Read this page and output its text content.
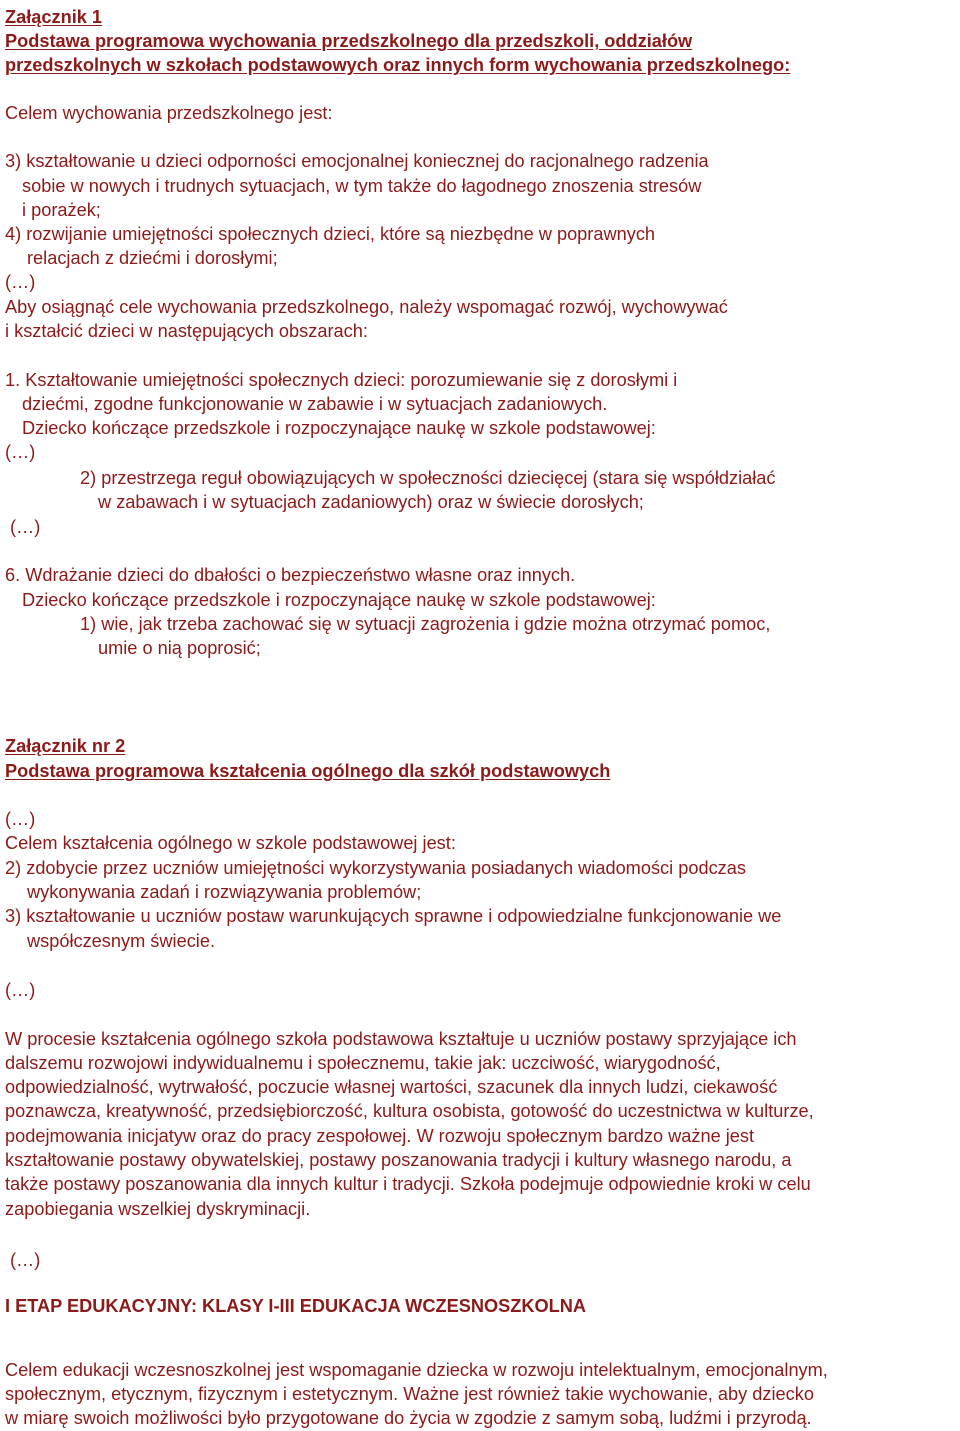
Załącznik 1
Podstawa programowa wychowania przedszkolnego dla przedszkoli, oddziałów
przedszkolnych w szkołach podstawowych oraz innych form wychowania przedszkolnego:
Celem wychowania przedszkolnego jest:
3) kształtowanie u dzieci odporności emocjonalnej koniecznej do racjonalnego radzenia
sobie w nowych i trudnych sytuacjach, w tym także do łagodnego znoszenia stresów
i porażek;
4) rozwijanie umiejętności społecznych dzieci, które są niezbędne w poprawnych
relacjach z dziećmi i dorosłymi;
(…)
Aby osiągnąć cele wychowania przedszkolnego, należy wspomagać rozwój, wychowywać
i kształcić dzieci w następujących obszarach:
1. Kształtowanie umiejętności społecznych dzieci: porozumiewanie się z dorosłymi i
dziećmi, zgodne funkcjonowanie w zabawie i w sytuacjach zadaniowych.
Dziecko kończące przedszkole i rozpoczynające naukę w szkole podstawowej:
(…)
2) przestrzega reguł obowiązujących w społeczności dziecięcej (stara się współdziałać
w zabawach i w sytuacjach zadaniowych) oraz w świecie dorosłych;
(…)
6. Wdrażanie dzieci do dbałości o bezpieczeństwo własne oraz innych.
Dziecko kończące przedszkole i rozpoczynające naukę w szkole podstawowej:
1) wie, jak trzeba zachować się w sytuacji zagrożenia i gdzie można otrzymać pomoc,
umie o nią poprosić;
Załącznik nr 2
Podstawa programowa kształcenia ogólnego dla szkół podstawowych
(…)
Celem kształcenia ogólnego w szkole podstawowej jest:
2) zdobycie przez uczniów umiejętności wykorzystywania posiadanych wiadomości podczas
wykonywania zadań i rozwiązywania problemów;
3) kształtowanie u uczniów postaw warunkujących sprawne i odpowiedzialne funkcjonowanie we
współczesnym świecie.
(…)
W procesie kształcenia ogólnego szkoła podstawowa kształtuje u uczniów postawy sprzyjające ich
dalszemu rozwojowi indywidualnemu i społecznemu, takie jak: uczciwość, wiarygodność,
odpowiedzialność, wytrwałość, poczucie własnej wartości, szacunek dla innych ludzi, ciekawość
poznawcza, kreatywność, przedsiębiorczość, kultura osobista, gotowość do uczestnictwa w kulturze,
podejmowania inicjatyw oraz do pracy zespołowej. W rozwoju społecznym bardzo ważne jest
kształtowanie postawy obywatelskiej, postawy poszanowania tradycji i kultury własnego narodu, a
także postawy poszanowania dla innych kultur i tradycji. Szkoła podejmuje odpowiednie kroki w celu
zapobiegania wszelkiej dyskryminacji.
(…)
I ETAP EDUKACYJNY: KLASY I-III EDUKACJA WCZESNOSZKOLNA
Celem edukacji wczesnoszkolnej jest wspomaganie dziecka w rozwoju intelektualnym, emocjonalnym,
społecznym, etycznym, fizycznym i estetycznym. Ważne jest również takie wychowanie, aby dziecko
w miarę swoich możliwości było przygotowane do życia w zgodzie z samym sobą, ludźmi i przyrodą.
